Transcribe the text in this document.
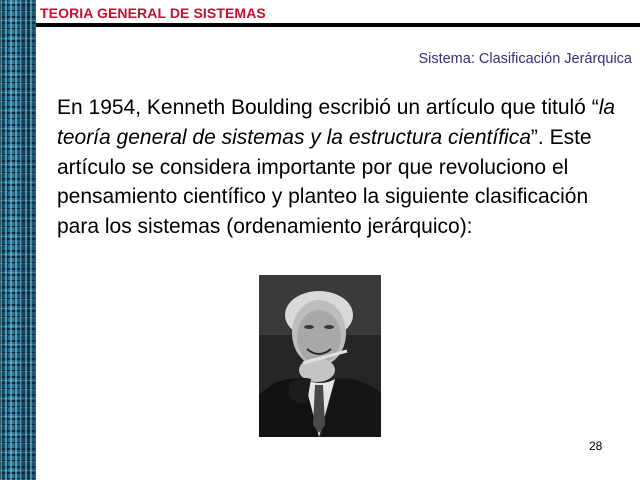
TEORIA GENERAL DE SISTEMAS
Sistema: Clasificación Jerárquica

En 1954, Kenneth Boulding escribió un artículo que tituló “la teoría general de sistemas y la estructura científica”. Este artículo se considera importante por que revoluciono el pensamiento científico y planteo la siguiente clasificación para los sistemas (ordenamiento jerárquico):

28
